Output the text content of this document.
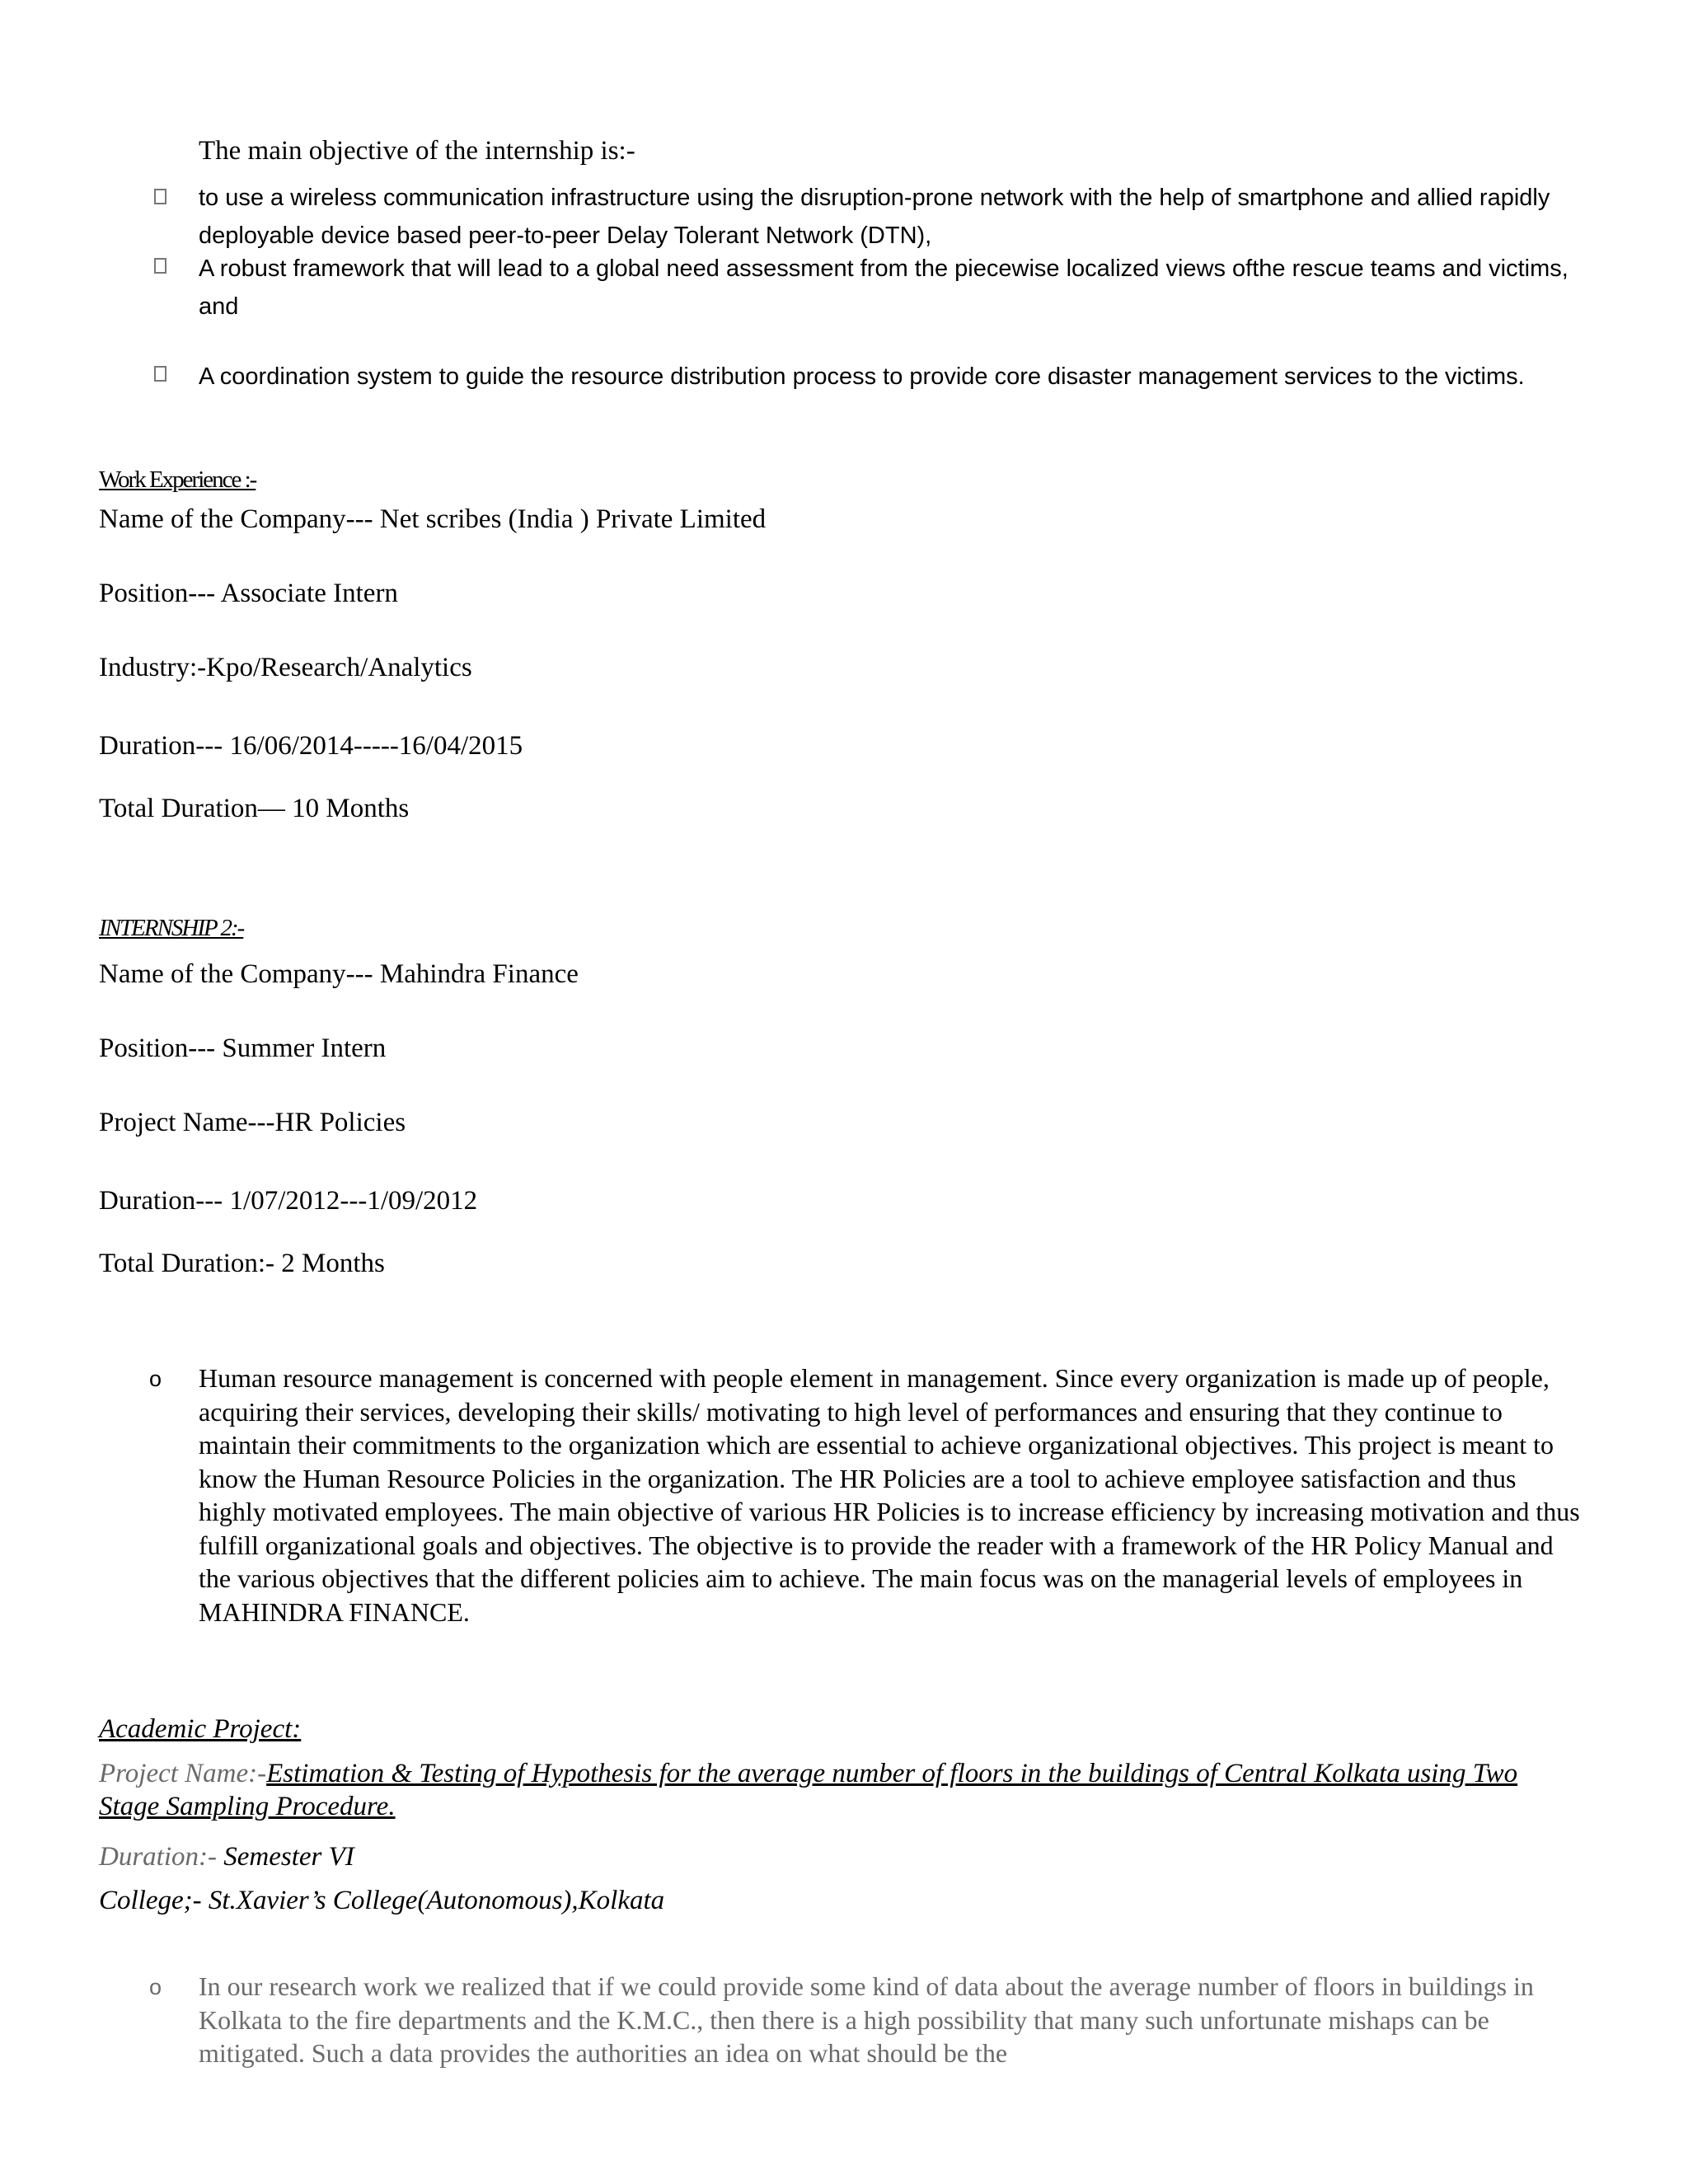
The main objective of the internship is:-
to use a wireless communication infrastructure using the disruption-prone network with the help of smartphone and allied rapidly deployable device based peer-to-peer Delay Tolerant Network (DTN),
A robust framework that will lead to a global need assessment from the piecewise localized views ofthe rescue teams and victims, and
A coordination system to guide the resource distribution process to provide core disaster management services to the victims.
Work Experience :-
Name of the Company--- Net scribes (India ) Private Limited
Position--- Associate Intern
Industry:-Kpo/Research/Analytics
Duration--- 16/06/2014-----16/04/2015
Total Duration— 10 Months
INTERNSHIP 2:-
Name of the Company--- Mahindra Finance
Position--- Summer Intern
Project Name---HR Policies
Duration--- 1/07/2012---1/09/2012
Total Duration:- 2 Months
o Human resource management is concerned with people element in management. Since every organization is made up of people, acquiring their services, developing their skills/ motivating to high level of performances and ensuring that they continue to maintain their commitments to the organization which are essential to achieve organizational objectives. This project is meant to know the Human Resource Policies in the organization. The HR Policies are a tool to achieve employee satisfaction and thus highly motivated employees. The main objective of various HR Policies is to increase efficiency by increasing motivation and thus fulfill organizational goals and objectives. The objective is to provide the reader with a framework of the HR Policy Manual and the various objectives that the different policies aim to achieve. The main focus was on the managerial levels of employees in MAHINDRA FINANCE.
Academic Project:
Project Name:-Estimation & Testing of Hypothesis for the average number of floors in the buildings of Central Kolkata using Two Stage Sampling Procedure.
Duration:- Semester VI
College;- St.Xavier’s College(Autonomous),Kolkata
o In our research work we realized that if we could provide some kind of data about the average number of floors in buildings in Kolkata to the fire departments and the K.M.C., then there is a high possibility that many such unfortunate mishaps can be mitigated. Such a data provides the authorities an idea on what should be the
